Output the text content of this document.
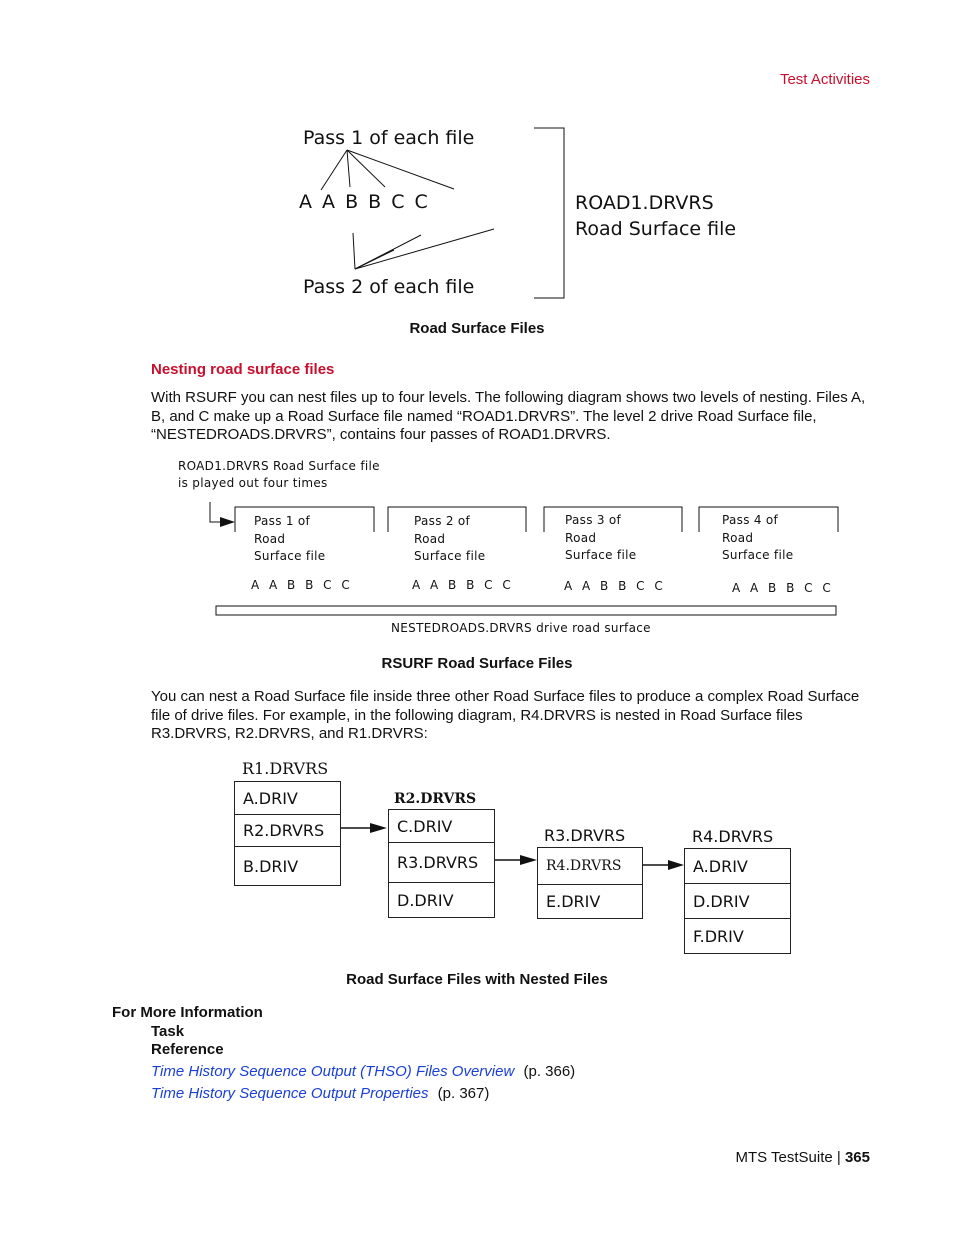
Test Activities
Pass 1 of each file
A A B B C C
Pass 2 of each file
ROAD1.DRVRS
Road Surface file
Road Surface Files
Nesting road surface files
With RSURF you can nest files up to four levels. The following diagram shows two levels of nesting. Files A, B, and C make up a Road Surface file named “ROAD1.DRVRS”. The level 2 drive Road Surface file, “NESTEDROADS.DRVRS”, contains four passes of ROAD1.DRVRS.
ROAD1.DRVRS Road Surface file
is played out four times
Pass 1 of
Road
Surface file
A A B B C C
Pass 2 of
Road
Surface file
A A B B C C
Pass 3 of
Road
Surface file
A A B B C C
Pass 4 of
Road
Surface file
A A B B C C
NESTEDROADS.DRVRS drive road surface
RSURF Road Surface Files
You can nest a Road Surface file inside three other Road Surface files to produce a complex Road Surface file of drive files. For example, in the following diagram, R4.DRVRS is nested in Road Surface files R3.DRVRS, R2.DRVRS, and R1.DRVRS:
R1.DRVRS
A.DRIV
R2.DRVRS
B.DRIV
R2.DRVRS
C.DRIV
R3.DRVRS
D.DRIV
R3.DRVRS
R4.DRVRS
E.DRIV
R4.DRVRS
A.DRIV
D.DRIV
F.DRIV
Road Surface Files with Nested Files
For More Information
Task
Reference
Time History Sequence Output (THSO) Files Overview (p. 366)
Time History Sequence Output Properties (p. 367)
MTS TestSuite | 365
